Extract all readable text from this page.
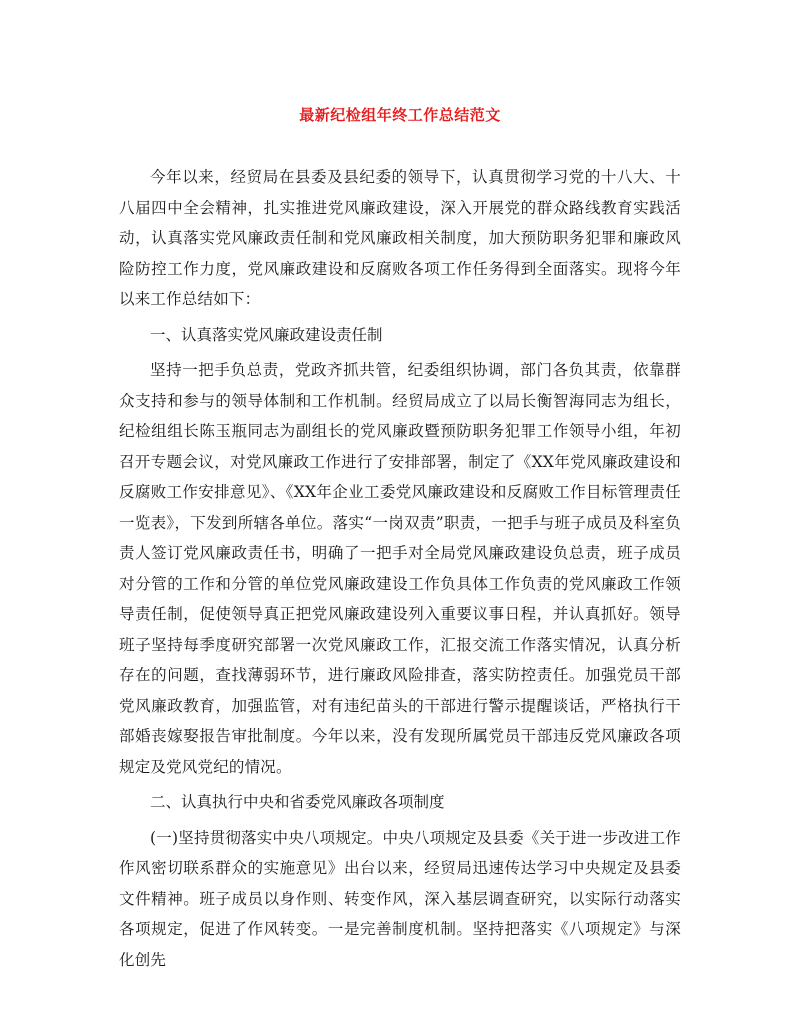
最新纪检组年终工作总结范文

今年以来，经贸局在县委及县纪委的领导下，认真贯彻学习党的十八大、十八届四中全会精神，扎实推进党风廉政建设，深入开展党的群众路线教育实践活动，认真落实党风廉政责任制和党风廉政相关制度，加大预防职务犯罪和廉政风险防控工作力度，党风廉政建设和反腐败各项工作任务得到全面落实。现将今年以来工作总结如下：

一、认真落实党风廉政建设责任制

坚持一把手负总责，党政齐抓共管，纪委组织协调，部门各负其责，依靠群众支持和参与的领导体制和工作机制。经贸局成立了以局长衡智海同志为组长，纪检组组长陈玉瓶同志为副组长的党风廉政暨预防职务犯罪工作领导小组，年初召开专题会议，对党风廉政工作进行了安排部署，制定了《XX年党风廉政建设和反腐败工作安排意见》、《XX年企业工委党风廉政建设和反腐败工作目标管理责任一览表》，下发到所辖各单位。落实“一岗双责”职责，一把手与班子成员及科室负责人签订党风廉政责任书，明确了一把手对全局党风廉政建设负总责，班子成员对分管的工作和分管的单位党风廉政建设工作负具体工作负责的党风廉政工作领导责任制，促使领导真正把党风廉政建设列入重要议事日程，并认真抓好。领导班子坚持每季度研究部署一次党风廉政工作，汇报交流工作落实情况，认真分析存在的问题，查找薄弱环节，进行廉政风险排查，落实防控责任。加强党员干部党风廉政教育，加强监管，对有违纪苗头的干部进行警示提醒谈话，严格执行干部婚丧嫁娶报告审批制度。今年以来，没有发现所属党员干部违反党风廉政各项规定及党风党纪的情况。

二、认真执行中央和省委党风廉政各项制度

(一)坚持贯彻落实中央八项规定。中央八项规定及县委《关于进一步改进工作作风密切联系群众的实施意见》出台以来，经贸局迅速传达学习中央规定及县委文件精神。班子成员以身作则、转变作风，深入基层调查研究，以实际行动落实各项规定，促进了作风转变。一是完善制度机制。坚持把落实《八项规定》与深化创先
